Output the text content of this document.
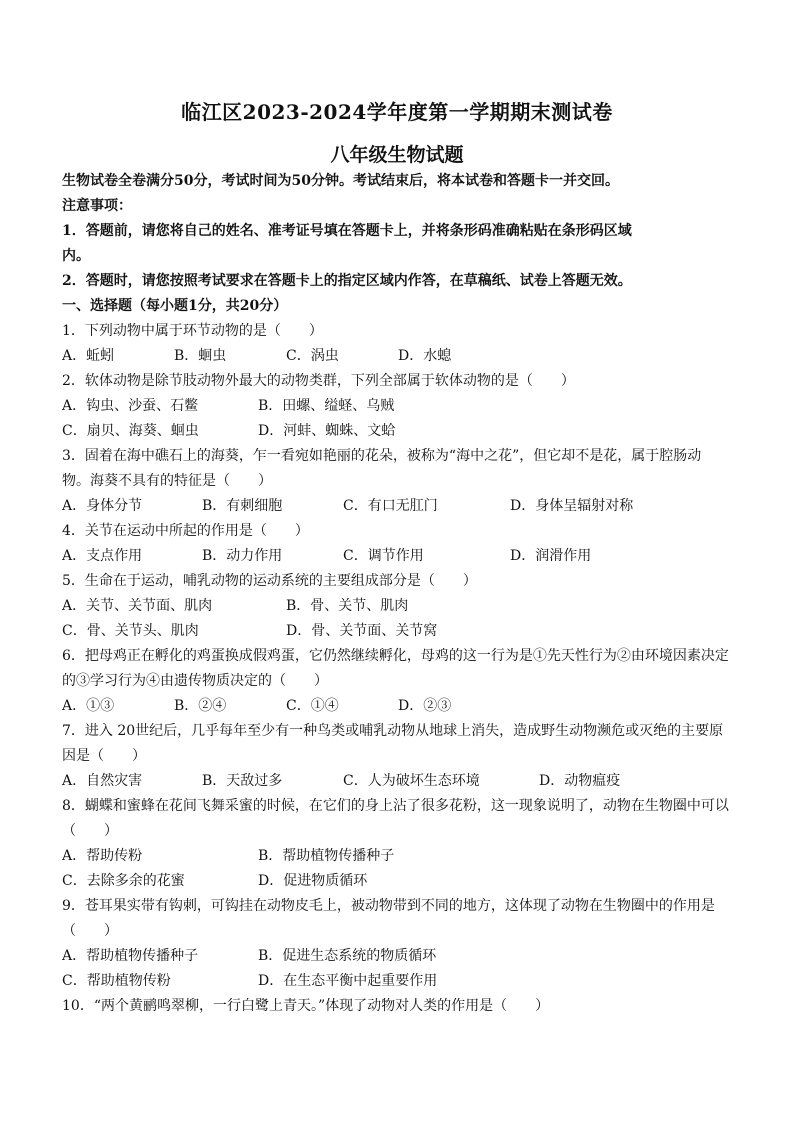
临江区2023-2024学年度第一学期期末测试卷
八年级生物试题
生物试卷全卷满分50分，考试时间为50分钟。考试结束后，将本试卷和答题卡一并交回。
注意事项：
1．答题前，请您将自己的姓名、准考证号填在答题卡上，并将条形码准确粘贴在条形码区域
内。
2．答题时，请您按照考试要求在答题卡上的指定区域内作答，在草稿纸、试卷上答题无效。
一、选择题（每小题1分，共20分）
1．下列动物中属于环节动物的是（　　）
A．蚯蚓	B．蛔虫	C．涡虫	D．水螅
2．软体动物是除节肢动物外最大的动物类群，下列全部属于软体动物的是（　　）
A．钩虫、沙蚕、石鳖	B．田螺、缢蛏、乌贼
C．扇贝、海葵、蛔虫	D．河蚌、蜘蛛、文蛤
3．固着在海中礁石上的海葵，乍一看宛如艳丽的花朵，被称为“海中之花”，但它却不是花，属于腔肠动
物。海葵不具有的特征是（　　）
A．身体分节	B．有刺细胞	C．有口无肛门	D．身体呈辐射对称
4．关节在运动中所起的作用是（　　）
A．支点作用	B．动力作用	C．调节作用	D．润滑作用
5．生命在于运动，哺乳动物的运动系统的主要组成部分是（　　）
A．关节、关节面、肌肉	B．骨、关节、肌肉
C．骨、关节头、肌肉	D．骨、关节面、关节窝
6．把母鸡正在孵化的鸡蛋换成假鸡蛋，它仍然继续孵化，母鸡的这一行为是①先天性行为②由环境因素决定
的③学习行为④由遗传物质决定的（　　）
A．①③	B．②④	C．①④	D．②③
7．进入 20世纪后，几乎每年至少有一种鸟类或哺乳动物从地球上消失，造成野生动物濒危或灭绝的主要原
因是（　　）
A．自然灾害	B．天敌过多	C．人为破坏生态环境	D．动物瘟疫
8．蝴蝶和蜜蜂在花间飞舞采蜜的时候，在它们的身上沾了很多花粉，这一现象说明了，动物在生物圈中可以
（　　）
A．帮助传粉	B．帮助植物传播种子
C．去除多余的花蜜	D．促进物质循环
9．苍耳果实带有钩刺，可钩挂在动物皮毛上，被动物带到不同的地方，这体现了动物在生物圈中的作用是
（　　）
A．帮助植物传播种子	B．促进生态系统的物质循环
C．帮助植物传粉	D．在生态平衡中起重要作用
10．“两个黄鹂鸣翠柳，一行白鹭上青天。”体现了动物对人类的作用是（　　）
